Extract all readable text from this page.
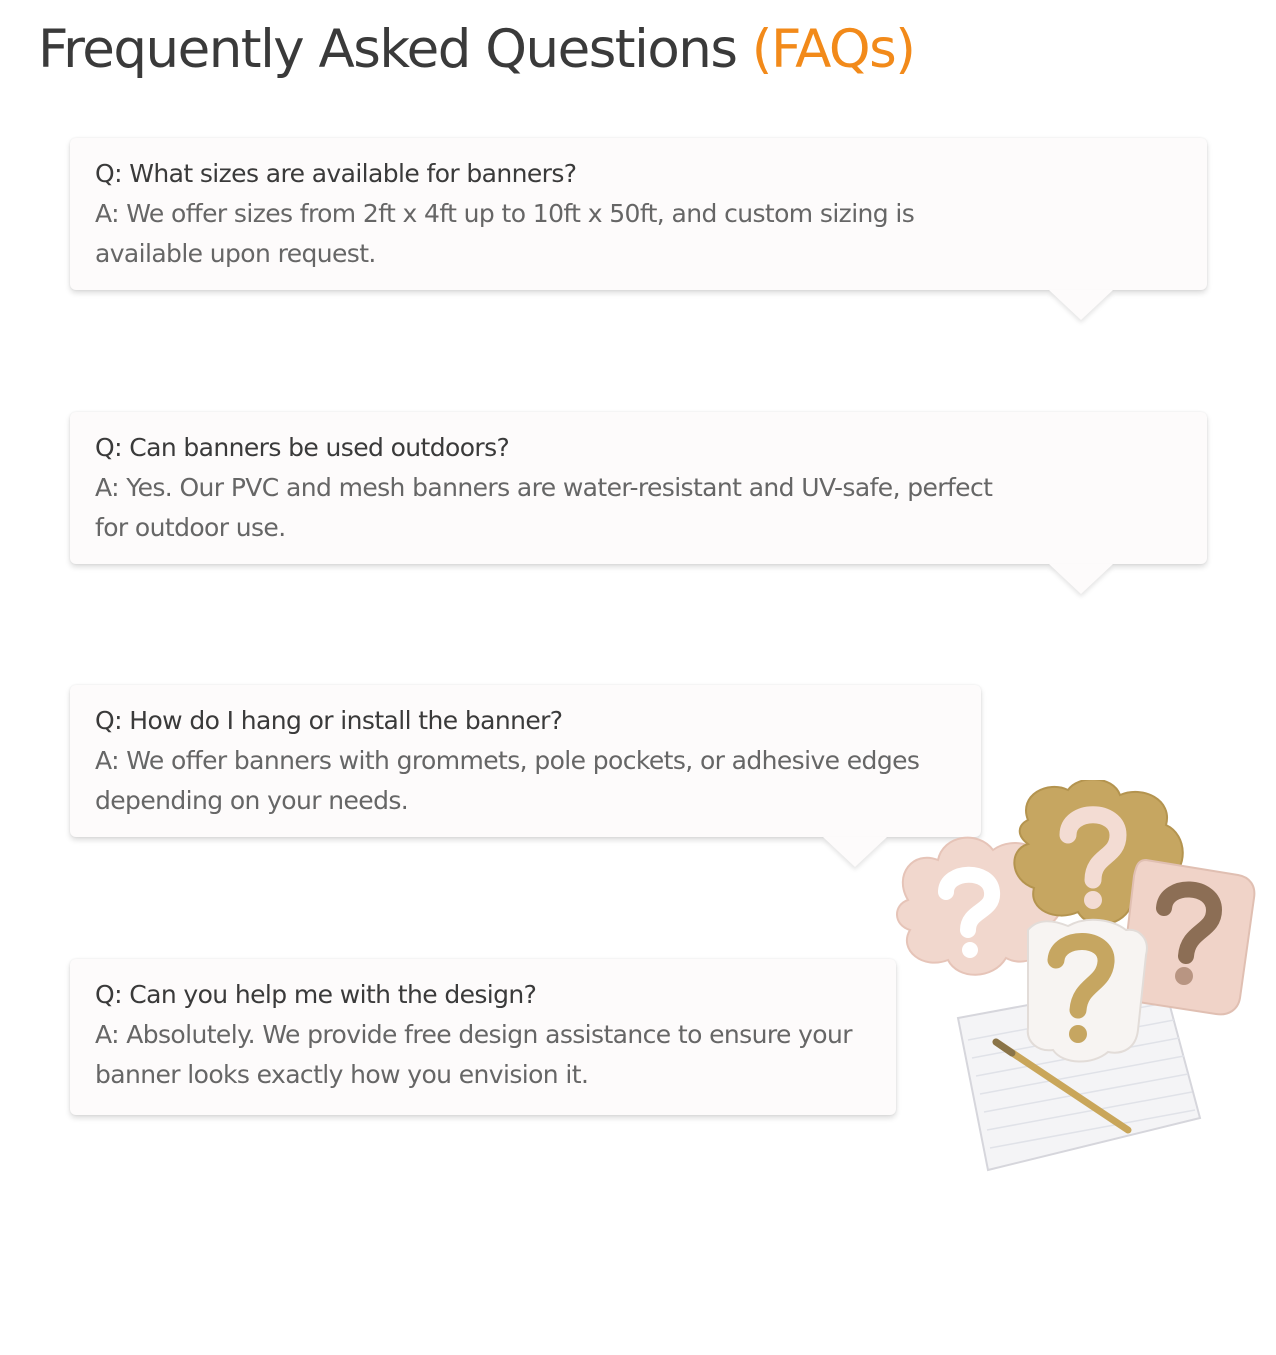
Frequently Asked Questions (FAQs)

Q: What sizes are available for banners?

A: We offer sizes from 2ft x 4ft up to 10ft x 50ft, and custom sizing is available upon request.

Q: Can banners be used outdoors?

A: Yes. Our PVC and mesh banners are water-resistant and UV-safe, perfect for outdoor use.

Q: How do I hang or install the banner?

A: We offer banners with grommets, pole pockets, or adhesive edges depending on your needs.

Q: Can you help me with the design?

A: Absolutely. We provide free design assistance to ensure your banner looks exactly how you envision it.
